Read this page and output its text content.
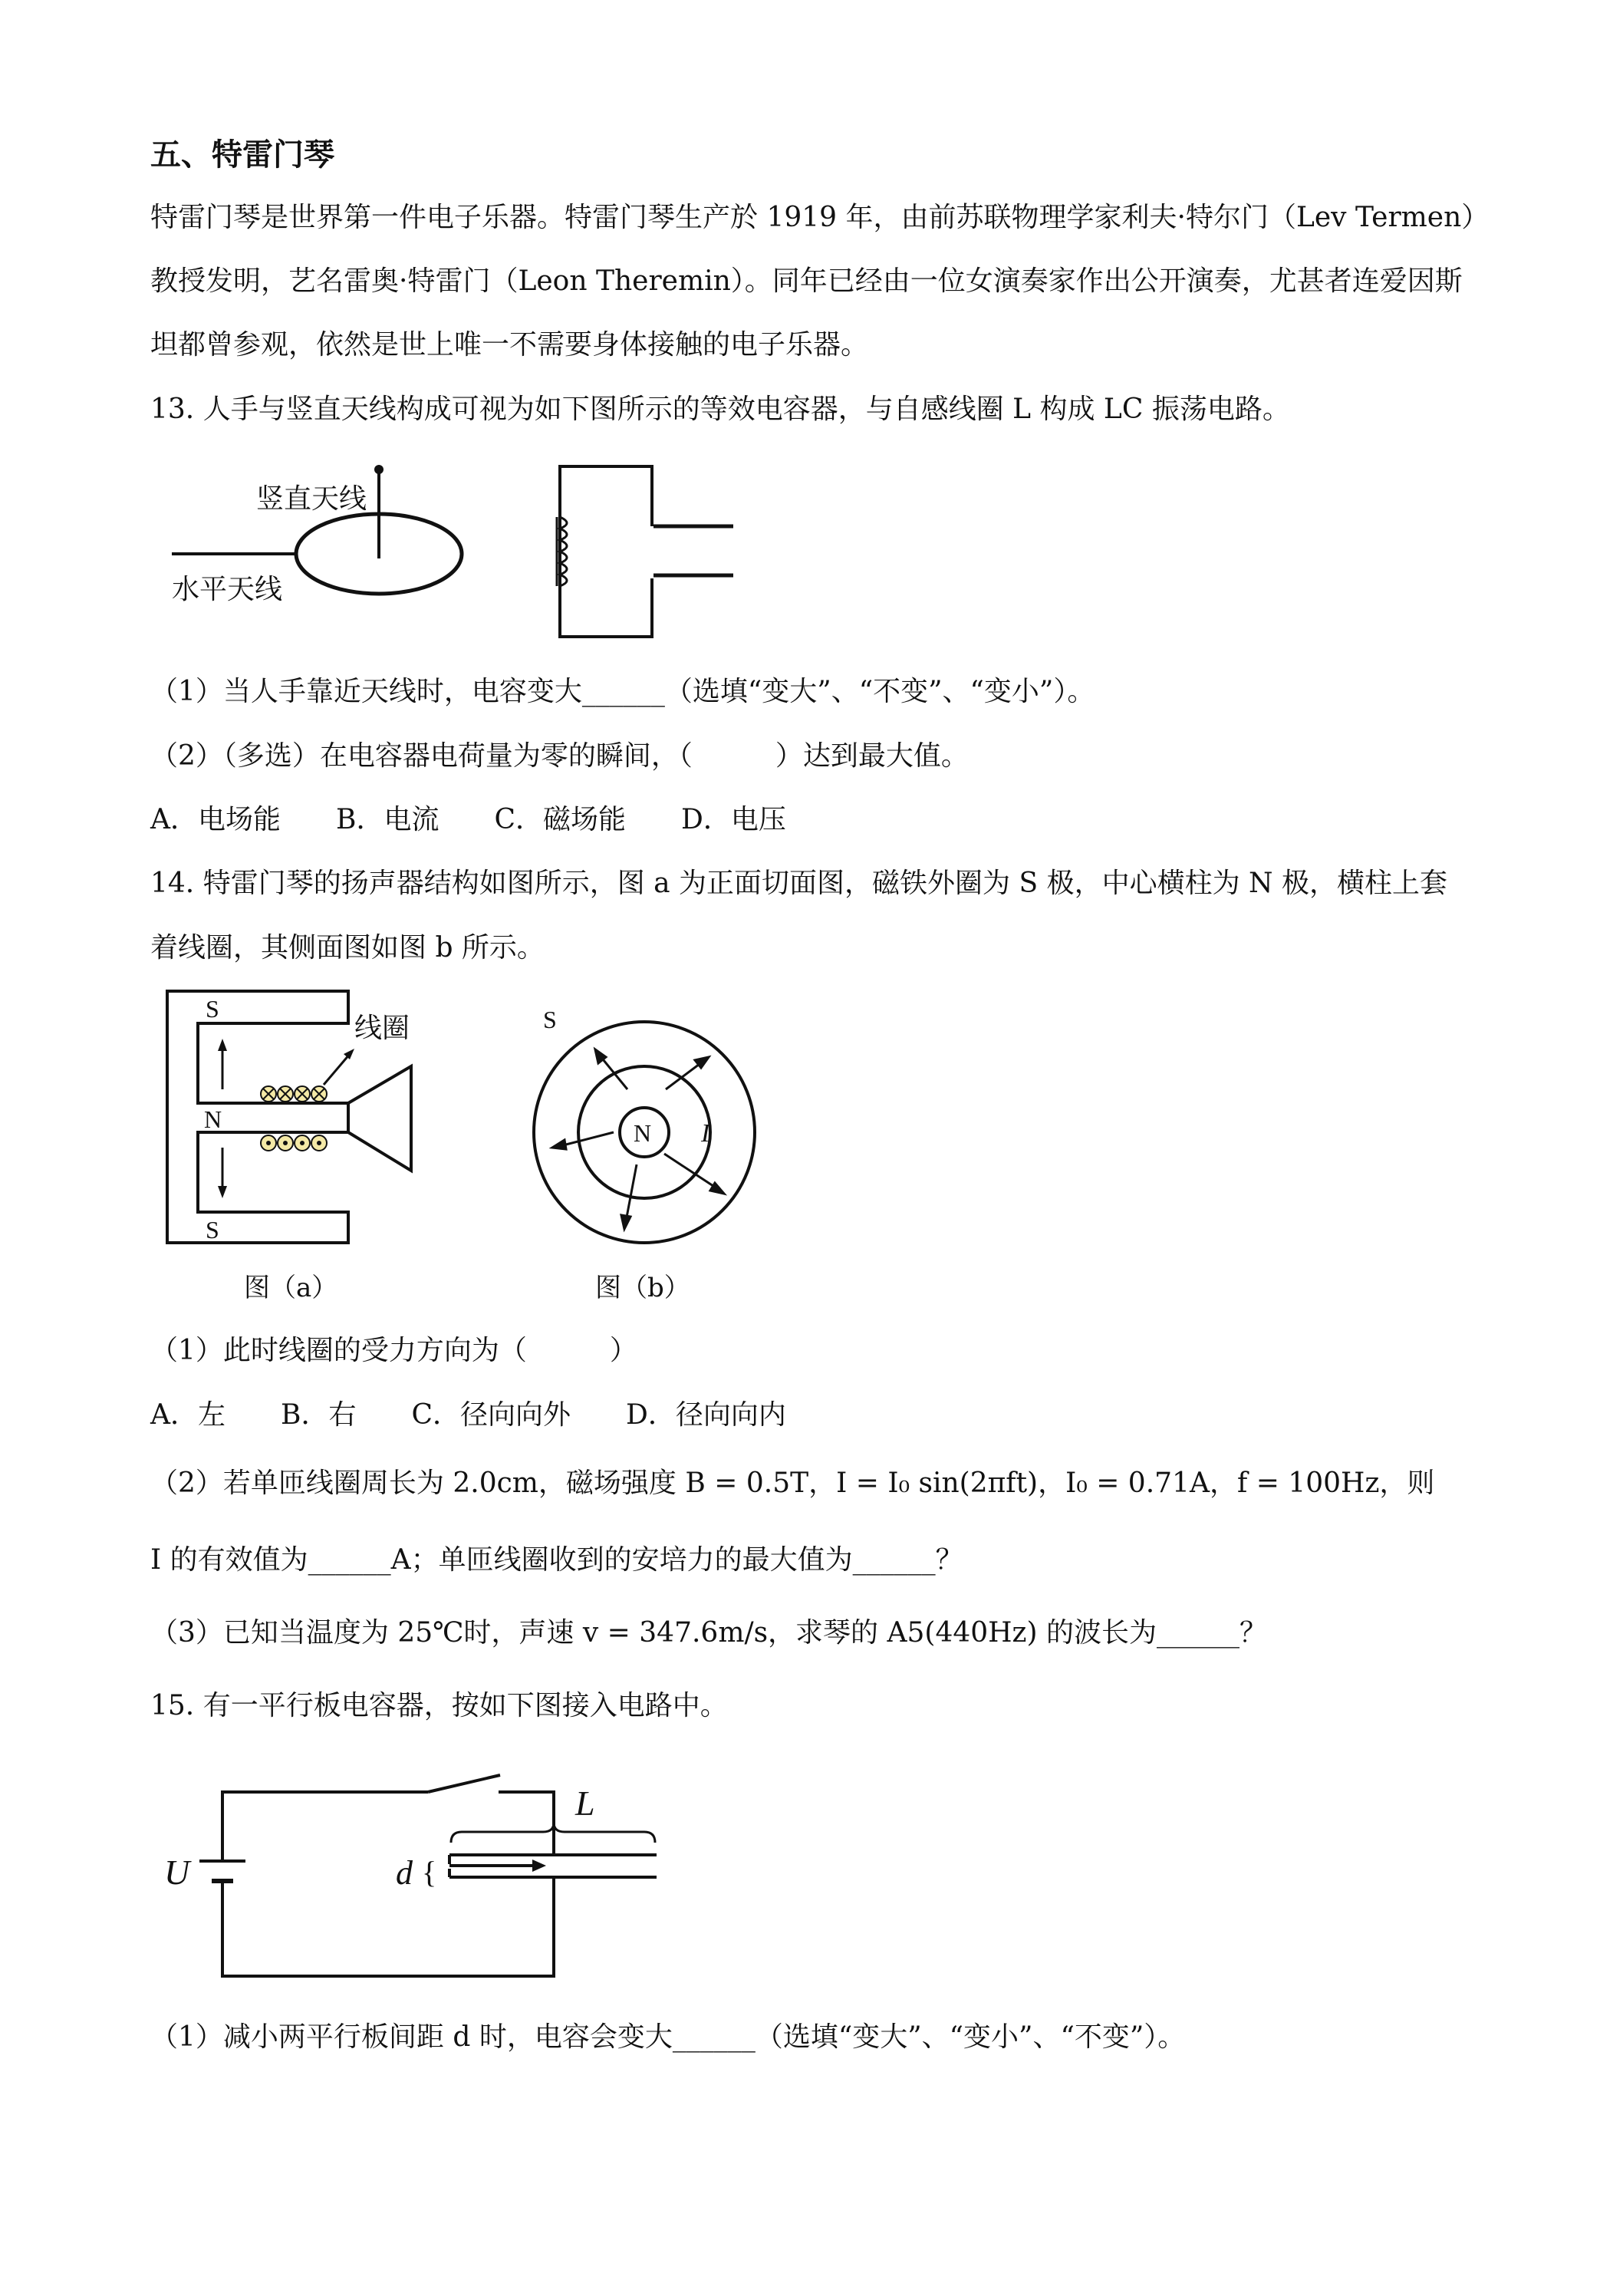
五、特雷门琴
特雷门琴是世界第一件电子乐器。特雷门琴生产於 1919 年，由前苏联物理学家利夫·特尔门（Lev Termen）
教授发明，艺名雷奥·特雷门（Leon Theremin）。同年已经由一位女演奏家作出公开演奏，尤甚者连爱因斯
坦都曾参观，依然是世上唯一不需要身体接触的电子乐器。
13. 人手与竖直天线构成可视为如下图所示的等效电容器，与自感线圈 L 构成 LC 振荡电路。
竖直天线
水平天线
（1）当人手靠近天线时，电容变大______（选填“变大”、“不变”、“变小”）。
（2）（多选）在电容器电荷量为零的瞬间，（　　　）达到最大值。
A．电场能　　B．电流　　C．磁场能　　D．电压
14. 特雷门琴的扬声器结构如图所示，图 a 为正面切面图，磁铁外圈为 S 极，中心横柱为 N 极，横柱上套
着线圈，其侧面图如图 b 所示。
S
N
S
线圈
图（a）
S
N I
图（b）
（1）此时线圈的受力方向为（　　　）
A．左　　B．右　　C．径向向外　　D．径向向内
（2）若单匝线圈周长为 2.0cm，磁场强度 B = 0.5T，I = I₀ sin(2πft)，I₀ = 0.71A，f = 100Hz，则
I 的有效值为______A；单匝线圈收到的安培力的最大值为______？
（3）已知当温度为 25℃时，声速 v = 347.6m/s，求琴的 A5(440Hz) 的波长为______？
15. 有一平行板电容器，按如下图接入电路中。
L
U	d {
（1）减小两平行板间距 d 时，电容会变大______（选填“变大”、“变小”、“不变”）。
